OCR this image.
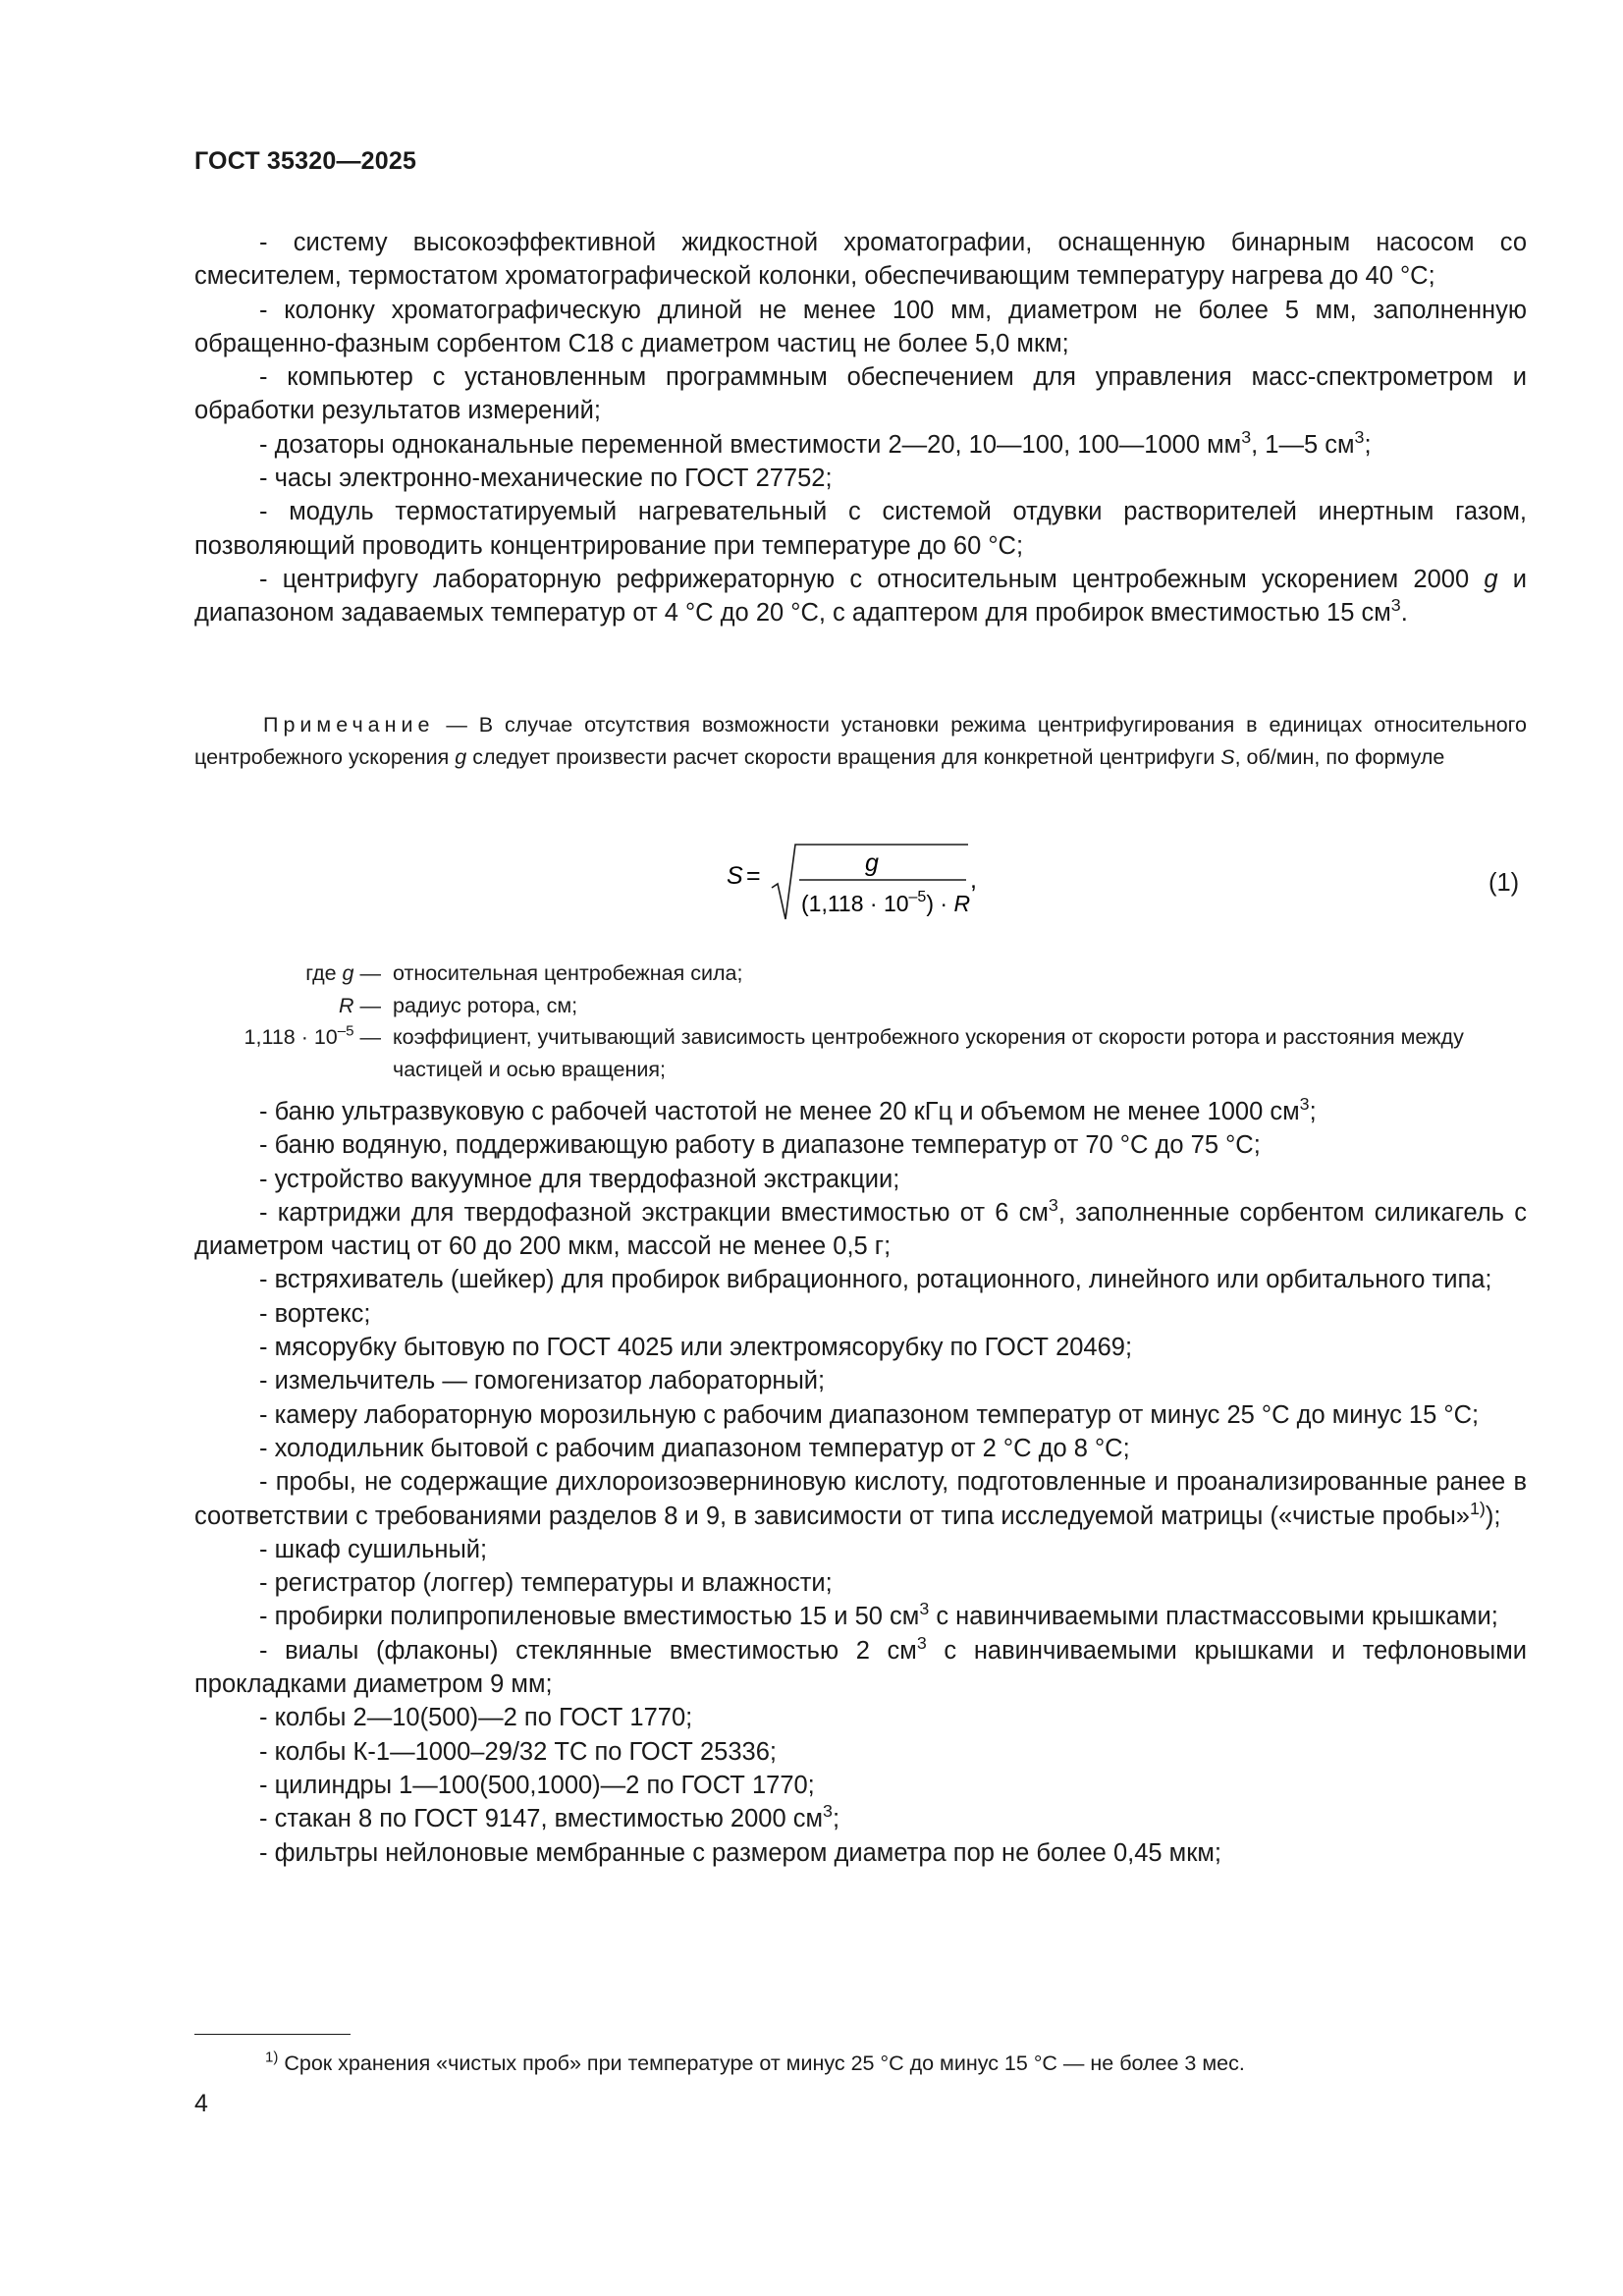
ГОСТ 35320—2025

- систему высокоэффективной жидкостной хроматографии, оснащенную бинарным насосом со смесителем, термостатом хроматографической колонки, обеспечивающим температуру нагрева до 40 °C;

- колонку хроматографическую длиной не менее 100 мм, диаметром не более 5 мм, заполненную обращенно-фазным сорбентом С18 с диаметром частиц не более 5,0 мкм;

- компьютер с установленным программным обеспечением для управления масс-спектрометром и обработки результатов измерений;

- дозаторы одноканальные переменной вместимости 2—20, 10—100, 100—1000 $мм^3$, 1—5 $см^3$;

- часы электронно-механические по ГОСТ 27752;

- модуль термостатируемый нагревательный с системой отдувки растворителей инертным газом, позволяющий проводить концентрирование при температуре до 60 °C;

- центрифугу лабораторную рефрижераторную с относительным центробежным ускорением 2000 g и диапазоном задаваемых температур от 4 °C до 20 °C, с адаптером для пробирок вместимостью 15 $см^3$.

Примечание — В случае отсутствия возможности установки режима центрифугирования в единицах относительного центробежного ускорения g следует произвести расчет скорости вращения для конкретной центрифуги S, об/мин, по формуле

S =	g
$(1,118 \cdot 10^{-5}) \cdot R$
,	(1)
где g — относительная центробежная сила;
R — радиус ротора, см;
$1,118 \cdot 10^{-5}$ — коэффициент, учитывающий зависимость центробежного ускорения от скорости ротора и расстояния между частицей и осью вращения;

- баню ультразвуковую с рабочей частотой не менее 20 кГц и объемом не менее 1000 $см^3$;

- баню водяную, поддерживающую работу в диапазоне температур от 70 °C до 75 °C;

- устройство вакуумное для твердофазной экстракции;

- картриджи для твердофазной экстракции вместимостью от 6 $см^3$, заполненные сорбентом силикагель с диаметром частиц от 60 до 200 мкм, массой не менее 0,5 г;

- встряхиватель (шейкер) для пробирок вибрационного, ротационного, линейного или орбитального типа;

- вортекс;

- мясорубку бытовую по ГОСТ 4025 или электромясорубку по ГОСТ 20469;

- измельчитель — гомогенизатор лабораторный;

- камеру лабораторную морозильную с рабочим диапазоном температур от минус 25 °C до минус 15 °C;

- холодильник бытовой с рабочим диапазоном температур от 2 °C до 8 °C;

- пробы, не содержащие дихлороизоэверниновую кислоту, подготовленные и проанализированные ранее в соответствии с требованиями разделов 8 и 9, в зависимости от типа исследуемой матрицы («чистые пробы»$^{1)}$);

- шкаф сушильный;

- регистратор (логгер) температуры и влажности;

- пробирки полипропиленовые вместимостью 15 и 50 $см^3$ с навинчиваемыми пластмассовыми крышками;

- виалы (флаконы) стеклянные вместимостью 2 $см^3$ с навинчиваемыми крышками и тефлоновыми прокладками диаметром 9 мм;

- колбы 2—10(500)—2 по ГОСТ 1770;

- колбы К-1—1000–29/32 ТС по ГОСТ 25336;

- цилиндры 1—100(500,1000)—2 по ГОСТ 1770;

- стакан 8 по ГОСТ 9147, вместимостью 2000 $см^3$;

- фильтры нейлоновые мембранные с размером диаметра пор не более 0,45 мкм;

$^{1)}$ Срок хранения «чистых проб» при температуре от минус 25 °C до минус 15 °C — не более 3 мес.
4
